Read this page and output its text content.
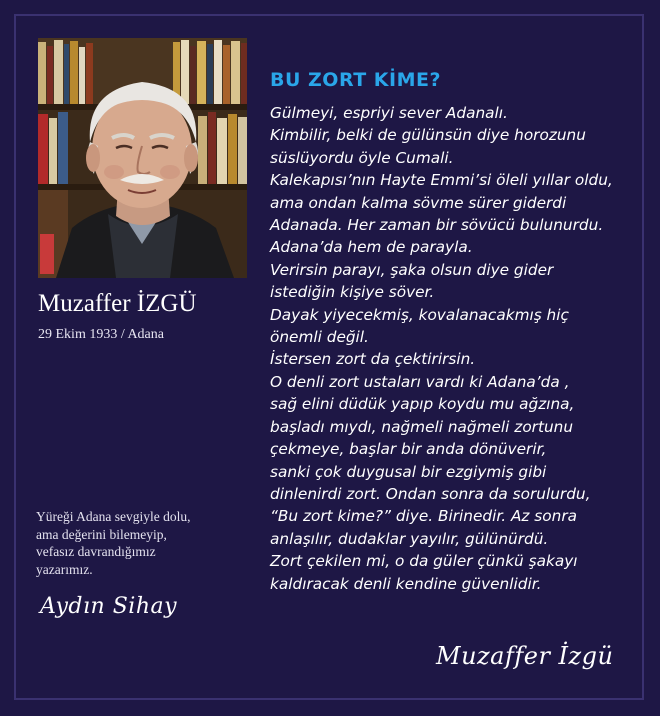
Muzaffer İZGÜ
29 Ekim 1933 / Adana
Yüreği Adana sevgiyle dolu,
ama değerini bilemeyip,
vefasız davrandığımız
yazarımız.
Aydın Sihay
BU ZORT KİME?
Gülmeyi, espriyi sever Adanalı.
Kimbilir, belki de gülünsün diye horozunu
süslüyordu öyle Cumali.
Kalekapısı’nın Hayte Emmi’si öleli yıllar oldu,
ama ondan kalma sövme sürer giderdi
Adanada. Her zaman bir sövücü bulunurdu.
Adana’da hem de parayla.
Verirsin parayı, şaka olsun diye gider
istediğin kişiye söver.
Dayak yiyecekmiş, kovalanacakmış hiç
önemli değil.
İstersen zort da çektirirsin.
O denli zort ustaları vardı ki Adana’da ,
sağ elini düdük yapıp koydu mu ağzına,
başladı mıydı, nağmeli nağmeli zortunu
çekmeye, başlar bir anda dönüverir,
sanki çok duygusal bir ezgiymiş gibi
dinlenirdi zort. Ondan sonra da sorulurdu,
“Bu zort kime?” diye. Birinedir. Az sonra
anlaşılır, dudaklar yayılır, gülünürdü.
Zort çekilen mi, o da güler çünkü şakayı
kaldıracak denli kendine güvenlidir.
Muzaffer İzgü
